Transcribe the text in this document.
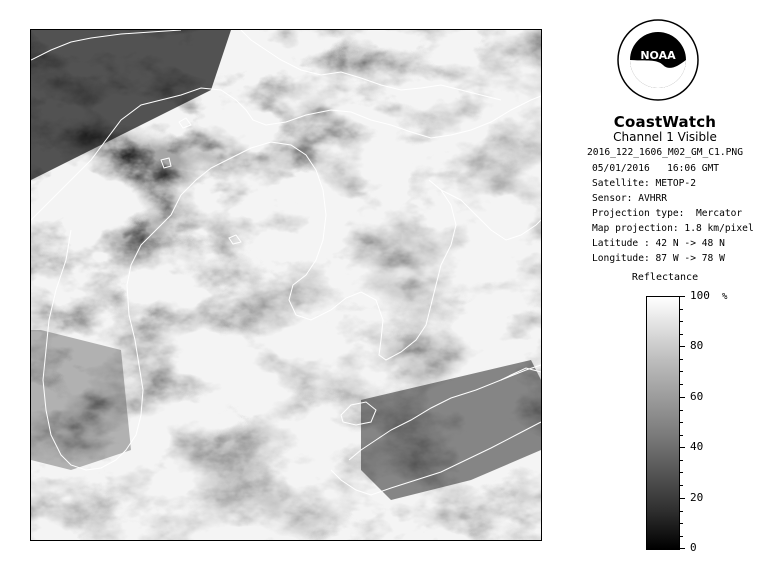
NOAA
CoastWatch
Channel 1 Visible
2016_122_1606_M02_GM_C1.PNG
05/01/2016   16:06 GMT
Satellite: METOP-2
Sensor: AVHRR
Projection type:  Mercator
Map projection: 1.8 km/pixel
Latitude : 42 N -> 48 N
Longitude: 87 W -> 78 W
Reflectance
%
100
80
60
40
20
0
